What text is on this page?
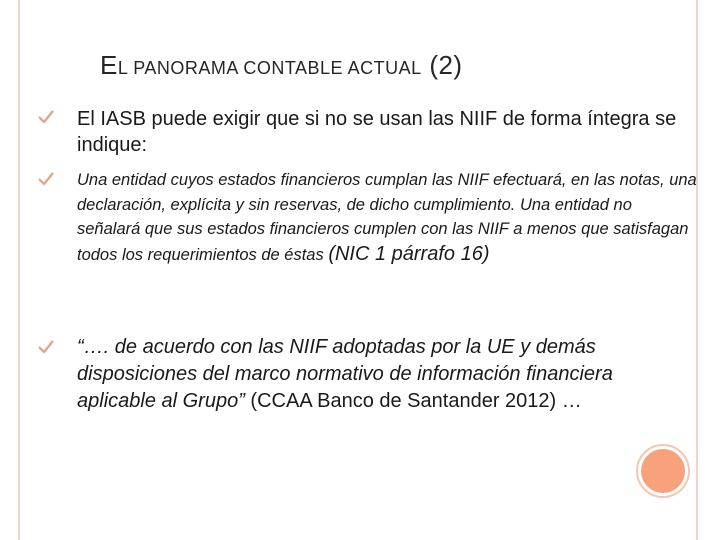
EL PANORAMA CONTABLE ACTUAL (2)
El IASB puede exigir que si no se usan las NIIF de forma íntegra se indique:
Una entidad cuyos estados financieros cumplan las NIIF efectuará, en las notas, una declaración, explícita y sin reservas, de dicho cumplimiento. Una entidad no señalará que sus estados financieros cumplen con las NIIF a menos que satisfagan todos los requerimientos de éstas (NIC 1 párrafo 16)
“…. de acuerdo con las NIIF adoptadas por la UE y demás disposiciones del marco normativo de información financiera aplicable al Grupo” (CCAA Banco de Santander 2012) …
